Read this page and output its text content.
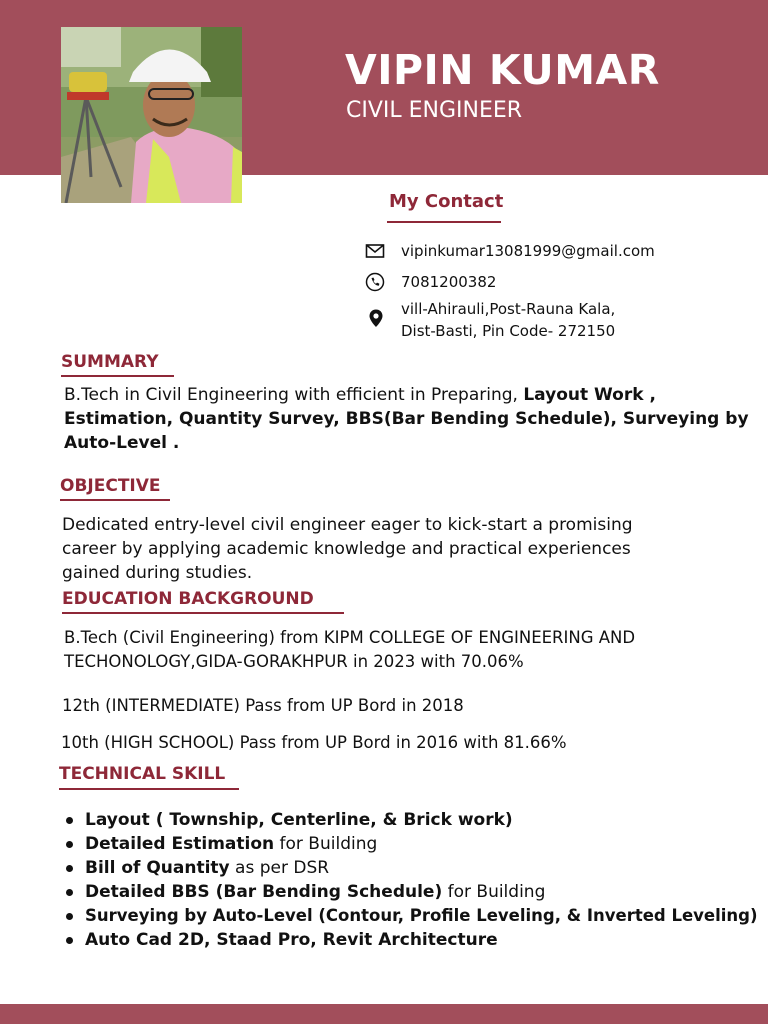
VIPIN KUMAR
CIVIL ENGINEER
My Contact
vipinkumar13081999@gmail.com
7081200382
vill-Ahirauli,Post-Rauna Kala,
Dist-Basti, Pin Code- 272150
SUMMARY
B.Tech in Civil Engineering with efficient in Preparing, Layout Work , Estimation, Quantity Survey, BBS(Bar Bending Schedule), Surveying by Auto-Level .
OBJECTIVE
Dedicated entry-level civil engineer eager to kick-start a promising career by applying academic knowledge and practical experiences gained during studies.
EDUCATION BACKGROUND
B.Tech (Civil Engineering) from KIPM COLLEGE OF ENGINEERING AND
TECHONOLOGY,GIDA-GORAKHPUR in 2023 with 70.06%
12th (INTERMEDIATE) Pass from UP Bord in 2018
10th (HIGH SCHOOL) Pass from UP Bord in 2016 with 81.66%
TECHNICAL SKILL
Layout ( Township, Centerline, & Brick work)
Detailed Estimation for Building
Bill of Quantity as per DSR
Detailed BBS (Bar Bending Schedule) for Building
Surveying by Auto-Level (Contour, Profile Leveling, & Inverted Leveling)
Auto Cad 2D, Staad Pro, Revit Architecture
